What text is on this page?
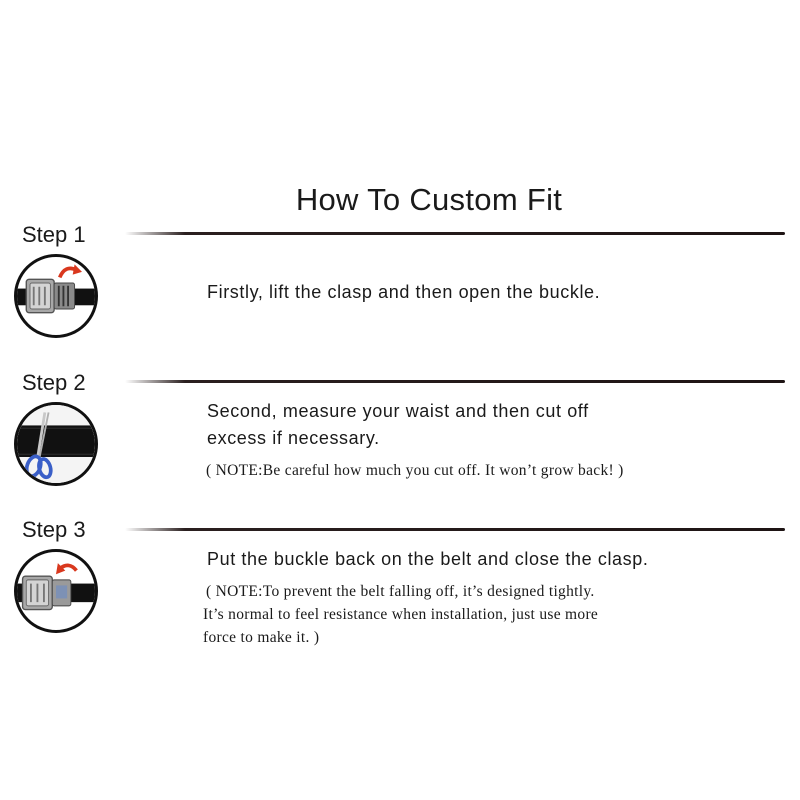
How To Custom Fit
Step 1
Firstly, lift the clasp and then open the buckle.
Step 2
Second, measure your waist and then cut off
excess if necessary.
( NOTE:Be careful how much you cut off. It won’t grow back! )
Step 3
Put the buckle back on the belt and close the clasp.
( NOTE:To prevent the belt falling off, it’s designed tightly.
It’s normal to feel resistance when installation, just use more
force to make it. )
